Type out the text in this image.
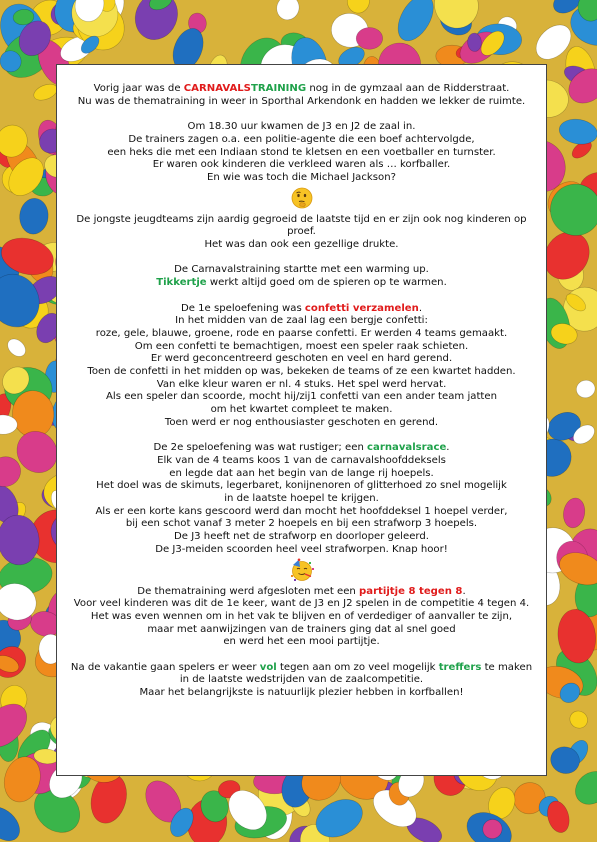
Vorig jaar was de CARNAVALSTRAINING nog in de gymzaal aan de Ridderstraat.

Nu was de thematraining in weer in Sporthal Arkendonk en hadden we lekker de ruimte.

Om 18.30 uur kwamen de J3 en J2 de zaal in.

De trainers zagen o.a. een politie-agente die een boef achtervolgde,

een heks die met een Indiaan stond te kletsen en een voetballer en turnster.

Er waren ook kinderen die verkleed waren als … korfballer.

En wie was toch die Michael Jackson?

De jongste jeugdteams zijn aardig gegroeid de laatste tijd en er zijn ook nog kinderen op proef.

Het was dan ook een gezellige drukte.

De Carnavalstraining startte met een warming up.

Tikkertje werkt altijd goed om de spieren op te warmen.

De 1e spelоefening was confetti verzamelen.

In het midden van de zaal lag een bergje confetti:

roze, gele, blauwe, groene, rode en paarse confetti. Er werden 4 teams gemaakt.

Om een confetti te bemachtigen, moest een speler raak schieten.

Er werd geconcentreerd geschoten en veel en hard gerend.

Toen de confetti in het midden op was, bekeken de teams of ze een kwartet hadden.

Van elke kleur waren er nl. 4 stuks. Het spel werd hervat.

Als een speler dan scoorde, mocht hij/zij1 confetti van een ander team jatten

om het kwartet compleet te maken.

Toen werd er nog enthousiaster geschoten en gerend.

De 2e speloefening was wat rustiger; een carnavalsrace.

Elk van de 4 teams koos 1 van de carnavalshoofddeksels

en legde dat aan het begin van de lange rij hoepels.

Het doel was de skimuts, legerbaret, konijnenoren of glitterhoed zo snel mogelijk

in de laatste hoepel te krijgen.

Als er een korte kans gescoord werd dan mocht het hoofddeksel 1 hoepel verder,

bij een schot vanaf 3 meter 2 hoepels en bij een strafworp 3 hoepels.

De J3 heeft net de strafworp en doorloper geleerd.

De J3-meiden scoorden heel veel strafworpen. Knap hoor!

De thematraining werd afgesloten met een partijtje 8 tegen 8.

Voor veel kinderen was dit de 1e keer, want de J3 en J2 spelen in de competitie 4 tegen 4.

Het was even wennen om in het vak te blijven en of verdediger of aanvaller te zijn,

maar met aanwijzingen van de trainers ging dat al snel goed

en werd het een mooi partijtje.

Na de vakantie gaan spelers er weer vol tegen aan om zo veel mogelijk treffers te maken

in de laatste wedstrijden van de zaalcompetitie.

Maar het belangrijkste is natuurlijk plezier hebben in korfballen!
